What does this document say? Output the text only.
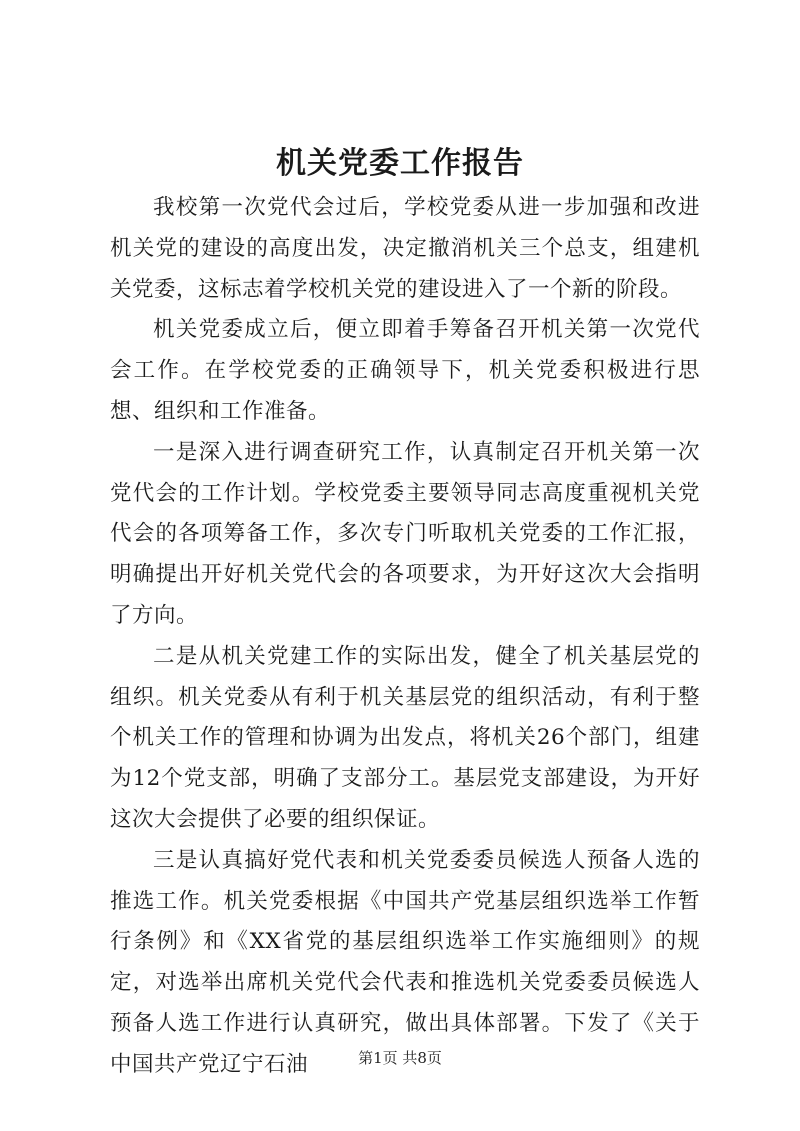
机关党委工作报告

我校第一次党代会过后，学校党委从进一步加强和改进机关党的建设的高度出发，决定撤消机关三个总支，组建机关党委，这标志着学校机关党的建设进入了一个新的阶段。

机关党委成立后，便立即着手筹备召开机关第一次党代会工作。在学校党委的正确领导下，机关党委积极进行思想、组织和工作准备。

一是深入进行调查研究工作，认真制定召开机关第一次党代会的工作计划。学校党委主要领导同志高度重视机关党代会的各项筹备工作，多次专门听取机关党委的工作汇报，明确提出开好机关党代会的各项要求，为开好这次大会指明了方向。

二是从机关党建工作的实际出发，健全了机关基层党的组织。机关党委从有利于机关基层党的组织活动，有利于整个机关工作的管理和协调为出发点，将机关26个部门，组建为12个党支部，明确了支部分工。基层党支部建设，为开好这次大会提供了必要的组织保证。

三是认真搞好党代表和机关党委委员候选人预备人选的推选工作。机关党委根据《中国共产党基层组织选举工作暂行条例》和《XX省党的基层组织选举工作实施细则》的规定，对选举出席机关党代会代表和推选机关党委委员候选人预备人选工作进行认真研究，做出具体部署。下发了《关于中国共产党辽宁石油	第1页 共8页
